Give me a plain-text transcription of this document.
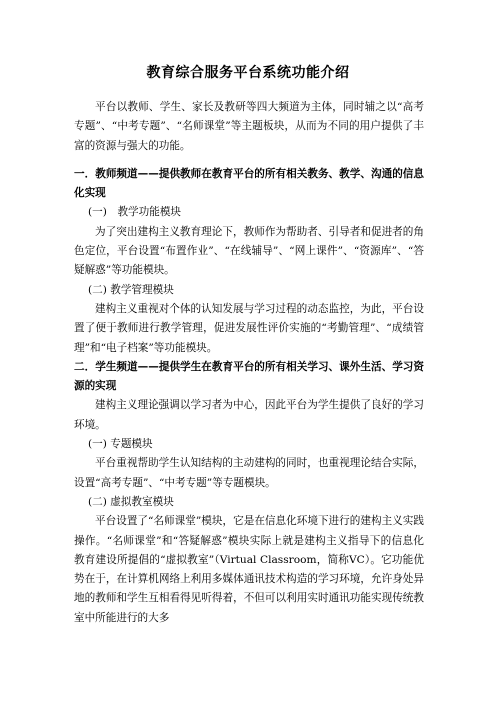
教育综合服务平台系统功能介绍

平台以教师、学生、家长及教研等四大频道为主体，同时辅之以“高考专题”、“中考专题”、“名师课堂”等主题板块，从而为不同的用户提供了丰富的资源与强大的功能。

一．教师频道——提供教师在教育平台的所有相关教务、教学、沟通的信息化实现

(一)　教学功能模块

为了突出建构主义教育理论下，教师作为帮助者、引导者和促进者的角色定位，平台设置“布置作业”、“在线辅导”、“网上课件”、“资源库”、“答疑解惑”等功能模块。

(二) 教学管理模块

建构主义重视对个体的认知发展与学习过程的动态监控，为此，平台设置了便于教师进行教学管理，促进发展性评价实施的“考勤管理”、“成绩管理”和“电子档案”等功能模块。

二．学生频道——提供学生在教育平台的所有相关学习、课外生活、学习资源的实现

建构主义理论强调以学习者为中心，因此平台为学生提供了良好的学习环境。

(一) 专题模块

平台重视帮助学生认知结构的主动建构的同时，也重视理论结合实际，设置“高考专题”、“中考专题”等专题模块。

(二) 虚拟教室模块

平台设置了“名师课堂”模块，它是在信息化环境下进行的建构主义实践操作。“名师课堂”和“答疑解惑”模块实际上就是建构主义指导下的信息化教育建设所提倡的“虚拟教室”（Virtual Classroom，简称VC）。它功能优势在于，在计算机网络上利用多媒体通讯技术构造的学习环境，允许身处异地的教师和学生互相看得见听得着，不但可以利用实时通讯功能实现传统教室中所能进行的大多
